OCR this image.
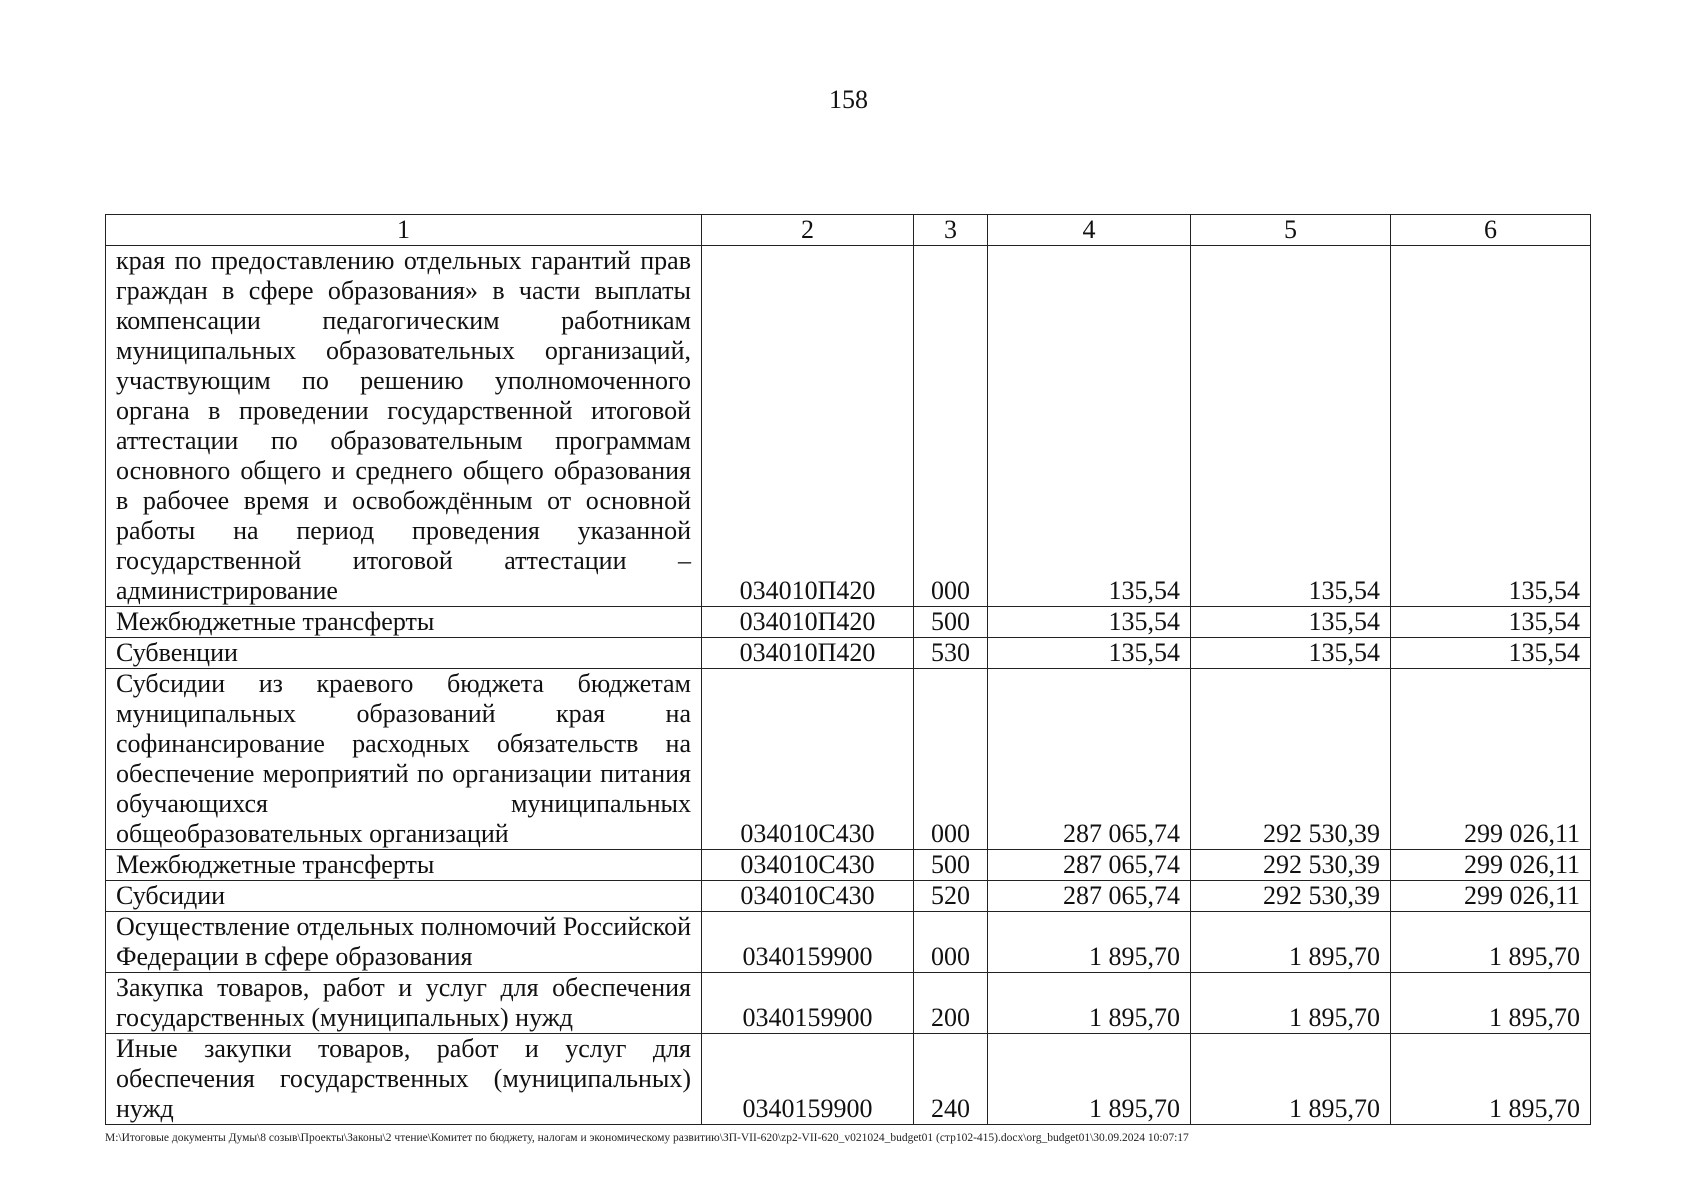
158
1	2	3	4	5	6
края по предоставлению отдельных гарантий прав граждан в сфере образования» в части выплаты компенсации педагогическим работникам муниципальных образовательных организаций, участвующим по решению уполномоченного органа в проведении государственной итоговой аттестации по образовательным программам основного общего и среднего общего образования в рабочее время и освобождённым от основной работы на период проведения указанной государственной итоговой аттестации – администрирование	034010П420	000	135,54	135,54	135,54
Межбюджетные трансферты	034010П420	500	135,54	135,54	135,54
Субвенции	034010П420	530	135,54	135,54	135,54
Субсидии из краевого бюджета бюджетам муниципальных образований края на софинансирование расходных обязательств на обеспечение мероприятий по организации питания обучающихся муниципальных общеобразовательных организаций	034010С430	000	287 065,74	292 530,39	299 026,11
Межбюджетные трансферты	034010С430	500	287 065,74	292 530,39	299 026,11
Субсидии	034010С430	520	287 065,74	292 530,39	299 026,11
Осуществление отдельных полномочий Российской Федерации в сфере образования	0340159900	000	1 895,70	1 895,70	1 895,70
Закупка товаров, работ и услуг для обеспечения государственных (муниципальных) нужд	0340159900	200	1 895,70	1 895,70	1 895,70
Иные закупки товаров, работ и услуг для обеспечения государственных (муниципальных) нужд	0340159900	240	1 895,70	1 895,70	1 895,70
M:\Итоговые документы Думы\8 созыв\Проекты\Законы\2 чтение\Комитет по бюджету, налогам и экономическому развитию\ЗП-VII-620\zp2-VII-620_v021024_budget01 (стр102-415).docx\org_budget01\30.09.2024 10:07:17
